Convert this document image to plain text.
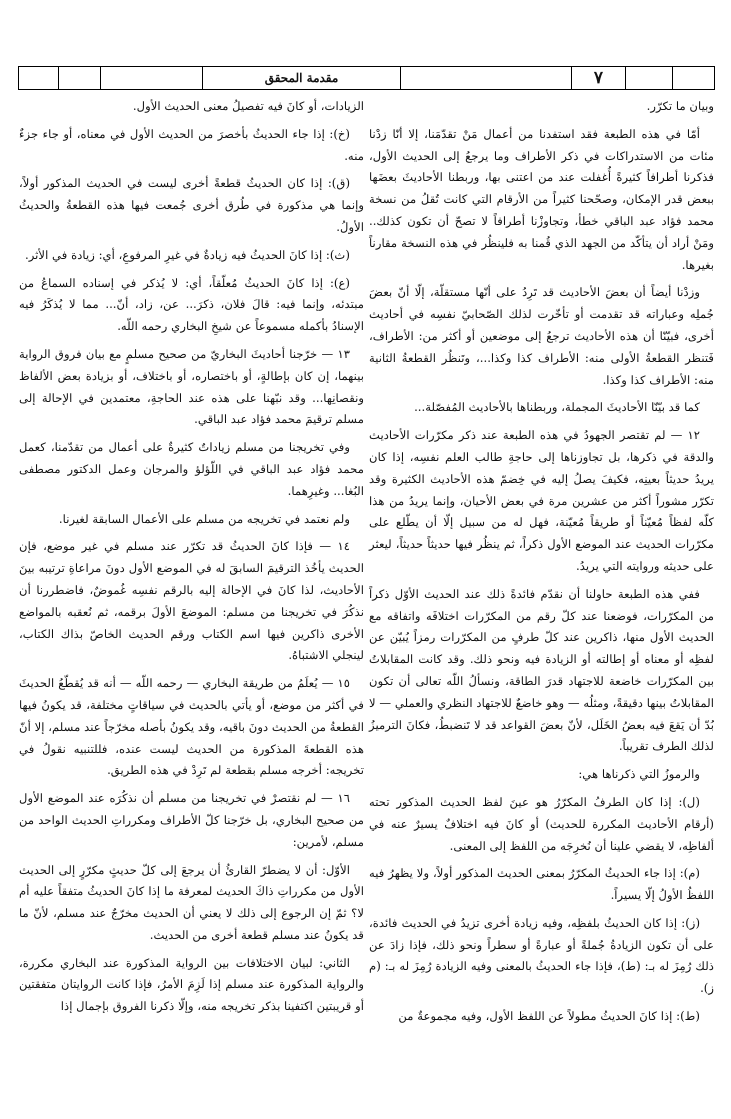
مقدمة المحقق	٧

وبيان ما تكرّر.

أمّا في هذه الطبعة فقد استفدنا من أعمال مَنْ تقدّمَنا، إلا أنّا زدْنا مئات من الاستدراكات في ذكر الأطراف وما يرجعُ إلى الحديث الأول، فذكرنا أطرافاً كثيرةً أُغفلت عند من اعتنى بها، وربطنا الأحاديثَ بعضَها ببعض قدر الإمكان، وصحّحنا كثيراً من الأرقام التي كانت تُقلُ من نسخة محمد فؤاد عبد الباقي خطأ، وتجاوزْنا أطرافاً لا تصحّ أن تكون كذلك.. ومَنْ أراد أن يتأكّد من الجهد الذي قُمنا به فلينظُر في هذه النسخة مقارناً بغيرها.

وزدْنا أيضاً أن بعضَ الأحاديث قد تَرِدُ على أنّها مستقلّة، إلّا أنّ بعضَ جُملِه وعباراته قد تقدمت أو تأخّرت لذلك الصّحابيّ نفسِه في أحاديث أخرى، فبيّنّا أن هذه الأحاديث ترجعُ إلى موضعين أو أكثر من: الأطراف، فَتنظر القطعةُ الأولى منه: الأطراف كذا وكذا...، وتَنظُر القطعةُ الثانية منه: الأطراف كذا وكذا.

كما قد بيّنّا الأحاديثَ المجملة، وربطناها بالأحاديث المُفصّلة...

١٢ — لم تقتصر الجهودُ في هذه الطبعة عند ذكر مكرّرات الأحاديث والدقة في ذكرها، بل تجاوزناها إلى حاجةِ طالب العلم نفسِه، إذا كان يريدُ حديثاً بعينِه، فكيفَ يصلُ إليه في خِضمّ هذه الأحاديث الكثيرة وقد تكرّر مشوراً أكثر من عشرين مرة في بعض الأحيان، وإنما يريدُ من هذا كلّه لفظاً مُعيّناً أو طريقاً مُعيّنة، فهل له من سبيل إلّا أن يطّلع على مكرّرات الحديث عند الموضع الأول ذكراً، ثم ينظُر فيها حديثاً حديثاً، ليعثر على حديثه وروايته التي يريدُ.

ففي هذه الطبعة حاولنا أن نقدّم فائدةً ذلك عند الحديث الأوّل ذكراً من المكرّرات، فوضعنا عند كلّ رقم من المكرّرات اختلافَه واتفاقه مع الحديث الأول منها، ذاكرين عند كلّ طرفٍ من المكرّرات رمزاً يُبيّن عن لفظِه أو معناه أو إطالته أو الزيادة فيه ونحو ذلك. وقد كانت المقابلاتُ بين المكرّرات خاضعة للاجتهاد قدرَ الطاقة، ونسألُ اللّه تعالى أن تكون المقابلاتُ بينها دقيقةً، ومثلُه — وهو خاضعٌ للاجتهاد النظري والعملي — لا بُدّ أن يَقعَ فيه بعضُ الخَلَل، لأنّ بعضَ القواعد قد لا تَنضبطُ، فكانَ الترميزُ لذلك الطرف تقريباً.

والرموزُ التي ذكرناها هي:

(ل): إذا كان الطرفُ المكرّرُ هو عينَ لفظ الحديث المذكور تحته (أرقام الأحاديث المكررة للحديث) أو كانَ فيه اختلافٌ يسيرٌ عنه في ألفاظِه، لا يقضي علينا أن نُخرِجَه من اللفظ إلى المعنى.

(م): إذا جاء الحديثُ المكرّرُ بمعنى الحديث المذكور أولاً، ولا يظهرُ فيه اللفظُ الأولُ إلّا يسيراً.

(ز): إذا كان الحديثُ بلفظِه، وفيه زيادة أخرى تزيدُ في الحديث فائدة، على أن تكون الزيادةُ جُملةً أو عبارةً أو سطراً ونحو ذلك، فإذا زادَ عن ذلك رُمِزَ له بـ: (ط)، فإذا جاء الحديثُ بالمعنى وفيه الزيادة رُمِزَ له بـ: (م ز).

(ط): إذا كانَ الحديثُ مطولاً عن اللفظ الأول، وفيه مجموعةٌ من

الزيادات، أو كانَ فيه تفصيلُ معنى الحديث الأول.

(خ): إذا جاء الحديثُ بأخصرَ من الحديث الأول في معناه، أو جاء جزءٌ منه.

(ق): إذا كان الحديثُ قطعةً أخرى ليست في الحديث المذكور أولاً، وإنما هي مذكورة في طُرق أخرى جُمعت فيها هذه القطعةُ والحديثُ الأولُ.

(ث): إذا كانَ الحديثُ فيه زيادةٌ في غيرِ المرفوعِ، أي: زيادة في الأثر.

(ع): إذا كانَ الحديثُ مُعلّقاً، أي: لا يُذكر في إسناده السماعُ من مبتدئه، وإنما فيه: قالَ فلان، ذكرَ... عن، زاد، أنّ... مما لا يُذكَرُ فيه الإسنادُ بأكمله مسموعاً عن شيخِ البخاري رحمه اللّه.

١٣ — خرّجنا أحاديثَ البخاريّ من صحيح مسلمٍ مع بيان فروق الرواية بينهما، إن كان بإطالةٍ، أو باختصاره، أو باختلاف، أو بزيادة بعض الألفاظ ونقصانِها... وقد نبّهنا على هذه عند الحاجةِ، معتمدين في الإحالة إلى مسلم ترقيمَ محمد فؤاد عبد الباقي.

وفي تخريجنا من مسلم زياداتٌ كثيرةٌ على أعمال من تقدّمنا، كعمل محمد فؤاد عبد الباقي في اللّؤلؤ والمرجان وعمل الدكتور مصطفى البُغا... وغيرِهما.

ولم نعتمد في تخريجه من مسلم على الأعمال السابقة لغيرنا.

١٤ — فإذا كانَ الحديثُ قد تكرّر عند مسلم في غير موضع، فإن الحديث يأخُذ الترقيمَ السابقَ له في الموضع الأول دونَ مراعاةِ ترتيبه بينَ الأحاديث، لذا كانَ في الإحالة إليه بالرقم نفسِه غُموضٌ، فاضطررنا أن نذكُرَ في تخريجنا من مسلم: الموضعَ الأولَ برقمه، ثم نُعقبه بالمواضع الأخرى ذاكرين فيها اسم الكتاب ورقم الحديث الخاصّ بذاك الكتاب، لينجلي الاشتباهُ.

١٥ — يُعلَمُ من طريقة البخاري — رحمه اللّه — أنه قد يُقطّعُ الحديثَ في أكثر من موضع، أو يأتي بالحديث في سياقاتٍ مختلفة، قد يكونُ فيها القطعةُ من الحديث دونَ باقيه، وقد يكونُ بأصله مخرّجاً عند مسلم، إلا أنّ هذه القطعةَ المذكورة من الحديث ليست عنده، فللتنبيه نقولُ في تخريجه: أخرجه مسلم بقطعة لم تَرِدْ في هذه الطريق.

١٦ — لم نقتصرْ في تخريجنا من مسلم أن نذكُرَه عند الموضع الأول من صحيح البخاري، بل خرّجنا كلّ الأطراف ومكرراتِ الحديث الواحد من مسلم، لأمرين:

الأوّل: أن لا يضطرّ القارئُ أن يرجعَ إلى كلّ حديثٍ مكرّرٍ إلى الحديث الأول من مكرراتِ ذاكَ الحديث لمعرفة ما إذا كانَ الحديثُ متفقاً عليه أم لا؟ ثمّ إن الرجوع إلى ذلك لا يعني أن الحديث مخرّجٌ عند مسلم، لأنّ ما قد يكونُ عند مسلم قطعة أخرى من الحديث.

الثاني: لبيان الاختلافات بين الرواية المذكورة عند البخاري مكررة، والرواية المذكورة عند مسلم إذا لَزِمَ الأمرُ، فإذا كانت الروايتان متفقتين أو قريبتين اكتفينا بذكر تخريجه منه، وإلّا ذكرنا الفروق بإجمال إذا
